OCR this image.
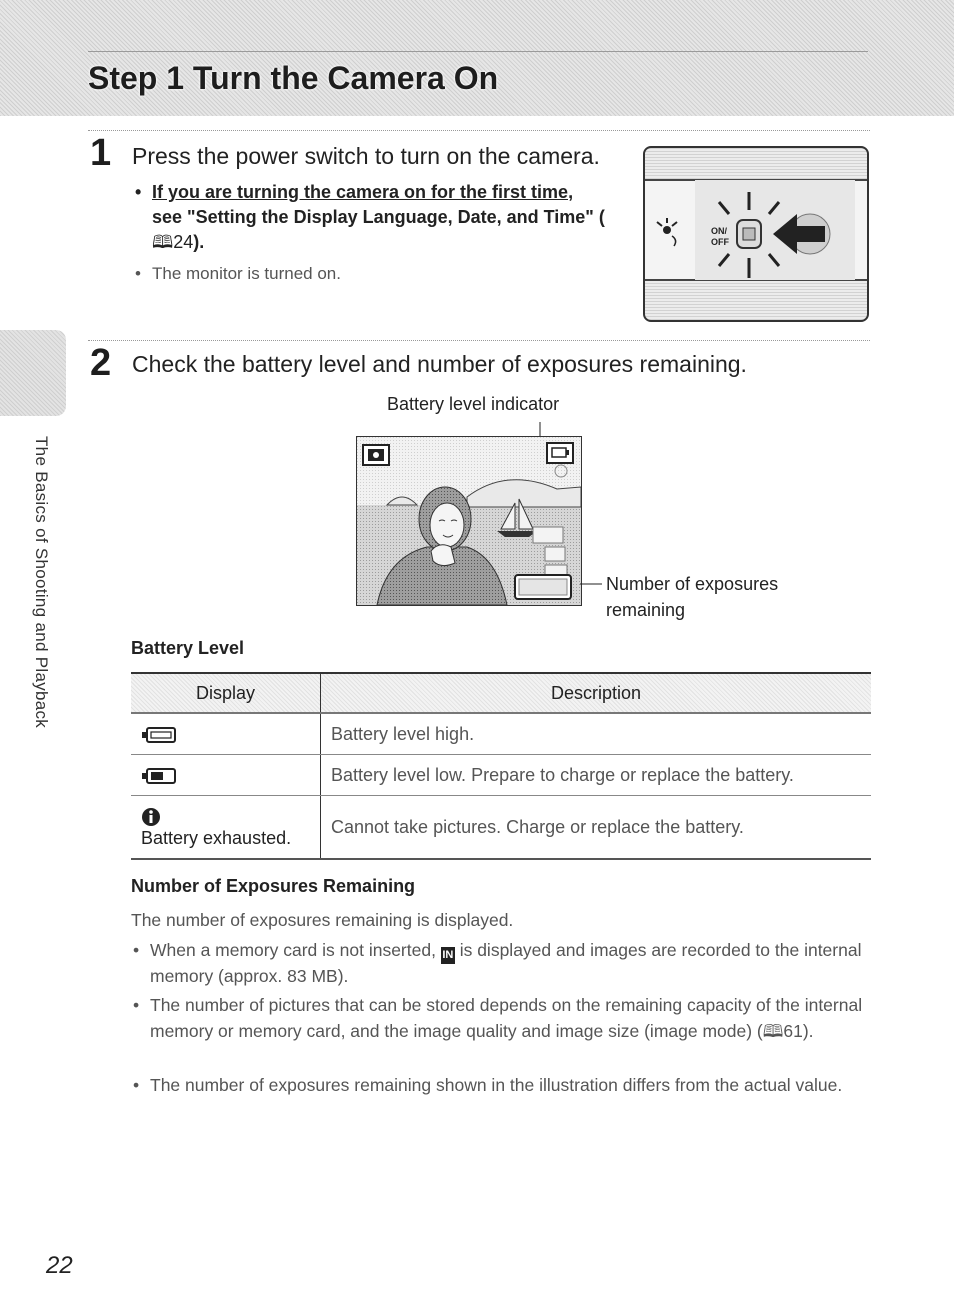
Step 1 Turn the Camera On
The Basics of Shooting and Playback
1 Press the power switch to turn on the camera.
• If you are turning the camera on for the first time,
see "Setting the Display Language, Date, and Time" (🕮24).
• The monitor is turned on.
ON/
OFF
2 Check the battery level and number of exposures remaining.
Battery level indicator
Number of exposures
remaining
Battery Level
Display	Description
	Battery level high.
	Battery level low. Prepare to charge or replace the battery.

Battery exhausted.	Cannot take pictures. Charge or replace the battery.
Number of Exposures Remaining

The number of exposures remaining is displayed.

• When a memory card is not inserted, IN is displayed and images are recorded to the internal memory (approx. 83 MB).

• The number of pictures that can be stored depends on the remaining capacity of the internal memory or memory card, and the image quality and image size (image mode) (🕮61).

• The number of exposures remaining shown in the illustration differs from the actual value.

22
